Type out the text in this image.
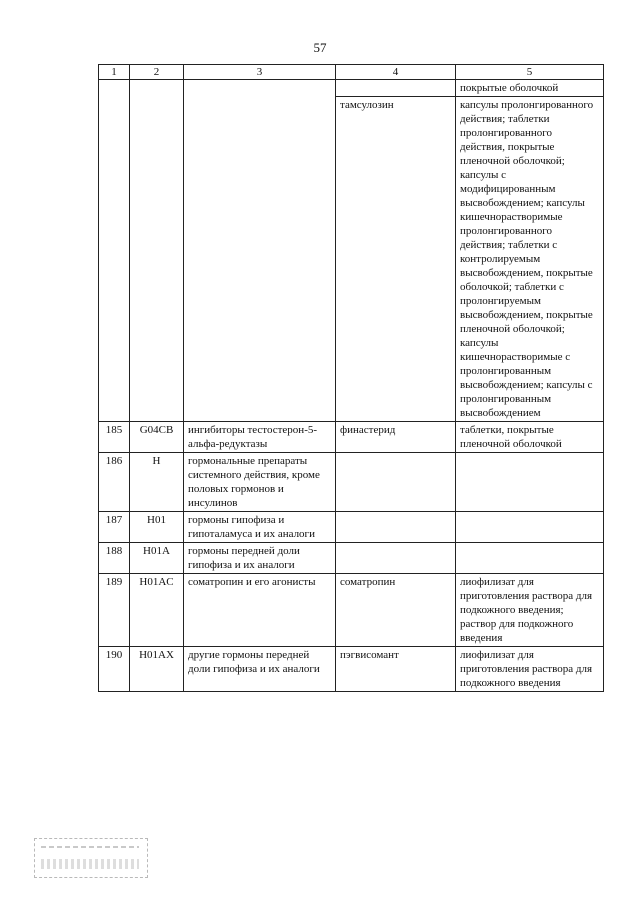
57
1	2	3	4	5
				покрытые оболочкой
			тамсулозин	капсулы пролонгированного действия; таблетки пролонгированного действия, покрытые пленочной оболочкой; капсулы с модифицированным высвобождением; капсулы кишечнорастворимые пролонгированного действия; таблетки с контролируемым высвобождением, покрытые оболочкой; таблетки с пролонгируемым высвобождением, покрытые пленочной оболочкой; капсулы кишечнорастворимые с пролонгированным высвобождением; капсулы с пролонгированным высвобождением
185	G04CB	ингибиторы тестостерон-5-альфа-редуктазы	финастерид	таблетки, покрытые пленочной оболочкой
186	H	гормональные препараты системного действия, кроме половых гормонов и инсулинов		
187	H01	гормоны гипофиза и гипоталамуса и их аналоги		
188	H01A	гормоны передней доли гипофиза и их аналоги		
189	H01AC	соматропин и его агонисты	соматропин	лиофилизат для приготовления раствора для подкожного введения; раствор для подкожного введения
190	H01AX	другие гормоны передней доли гипофиза и их аналоги	пэгвисомант	лиофилизат для приготовления раствора для подкожного введения
